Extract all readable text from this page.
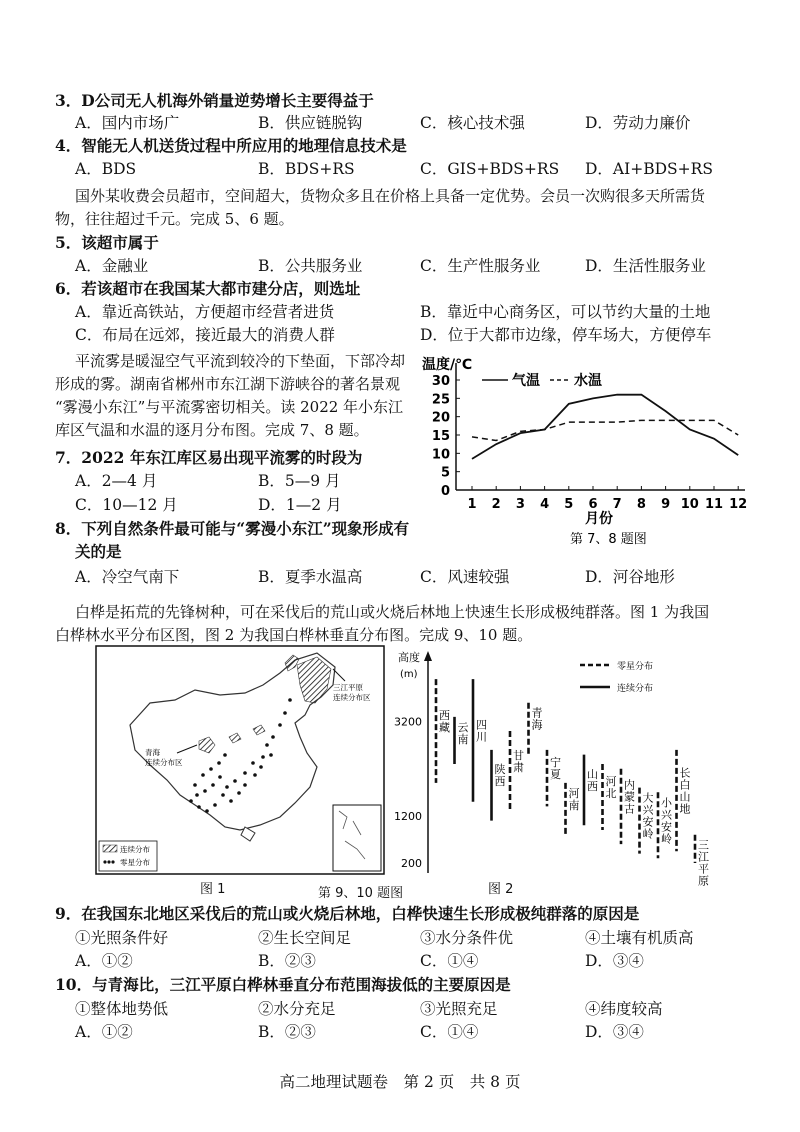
3．D公司无人机海外销量逆势增长主要得益于
A．国内市场广	B．供应链脱钩	C．核心技术强	D．劳动力廉价
4．智能无人机送货过程中所应用的地理信息技术是
A．BDS	B．BDS+RS	C．GIS+BDS+RS D．AI+BDS+RS
国外某收费会员超市，空间超大，货物众多且在价格上具备一定优势。会员一次购很多天所需货
物，往往超过千元。完成 5、6 题。
5．该超市属于
A．金融业	B．公共服务业	C．生产性服务业	D．生活性服务业
6．若该超市在我国某大都市建分店，则选址
A．靠近高铁站，方便超市经营者进货	B．靠近中心商务区，可以节约大量的土地
C．布局在远郊，接近最大的消费人群	D．位于大都市边缘，停车场大，方便停车
平流雾是暖湿空气平流到较冷的下垫面，下部冷却
形成的雾。湖南省郴州市东江湖下游峡谷的著名景观
“雾漫小东江”与平流雾密切相关。读 2022 年小东江
库区气温和水温的逐月分布图。完成 7、8 题。
7．2022 年东江库区易出现平流雾的时段为
A．2—4 月	B．5—9 月
C．10—12 月	D．1—2 月
8．下列自然条件最可能与“雾漫小东江”现象形成有
关的是
A．冷空气南下	B．夏季水温高	C．风速较强	D．河谷地形
0
5
10
15
20
25
30
1 2 3 4 5 6 7 8 9 10 11 12
温度/℃
气温 水温
月份
第 7、8 题图
白桦是拓荒的先锋树种，可在采伐后的荒山或火烧后林地上快速生长形成极纯群落。图 1 为我国
白桦林水平分布区图，图 2 为我国白桦林垂直分布图。完成 9、10 题。
三江平原连续分布区
青海连续分布区
连续分布
零星分布
图 1	第 9、10 题图
高度
(m)
200
1200
3200
西藏 云南
四川
陕西
甘肃
青海
宁夏
河南
山西 河北
内蒙古
大兴安岭
小兴安岭
长白山地
三江平原
零星分布
连续分布
图 2
9．在我国东北地区采伐后的荒山或火烧后林地，白桦快速生长形成极纯群落的原因是
①光照条件好	②生长空间足	③水分条件优	④土壤有机质高
A．①②	B．②③	C．①④	D．③④
10．与青海比，三江平原白桦林垂直分布范围海拔低的主要原因是
①整体地势低	②水分充足	③光照充足	④纬度较高
A．①②	B．②③	C．①④	D．③④
高二地理试题卷　第 2 页　共 8 页
